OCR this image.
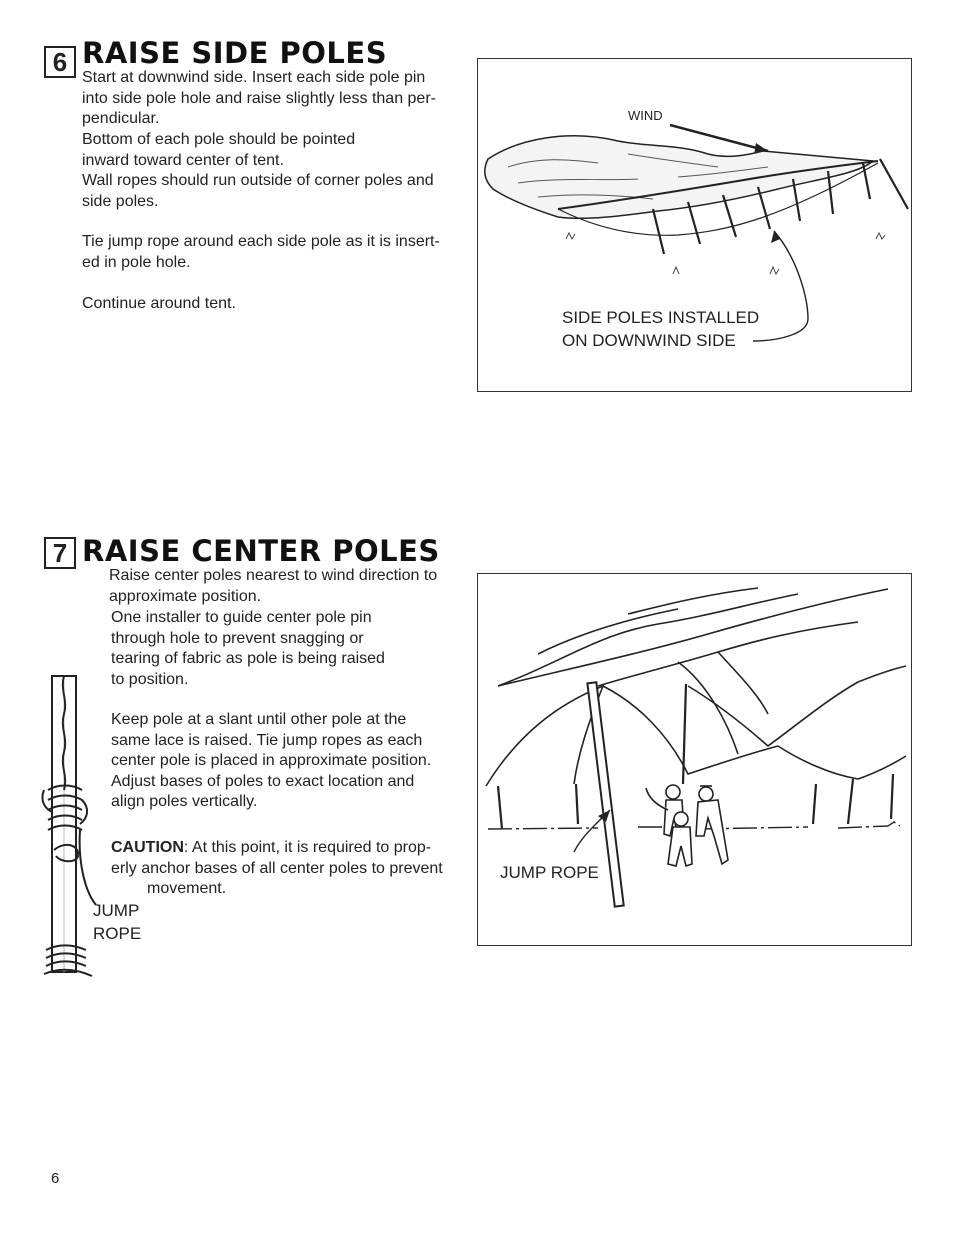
6 RAISE SIDE POLES

Start at downwind side. Insert each side pole pin
into side pole hole and raise slightly less than per-
pendicular.

Bottom of each pole should be pointed
inward toward center of tent.

Wall ropes should run outside of corner poles and
side poles.

Tie jump rope around each side pole as it is insert-
ed in pole hole.

Continue around tent.

WIND
SIDE POLES INSTALLED
ON DOWNWIND SIDE
7 RAISE CENTER POLES

Raise center poles nearest to wind direction to
approximate position.

One installer to guide center pole pin
through hole to prevent snagging or
tearing of fabric as pole is being raised
to position.

Keep pole at a slant until other pole at the
same lace is raised. Tie jump ropes as each
center pole is placed in approximate position.
Adjust bases of poles to exact location and
align poles vertically.

CAUTION: At this point, it is required to prop-
erly anchor bases of all center poles to prevent

movement.

JUMP
ROPE
JUMP ROPE
6
